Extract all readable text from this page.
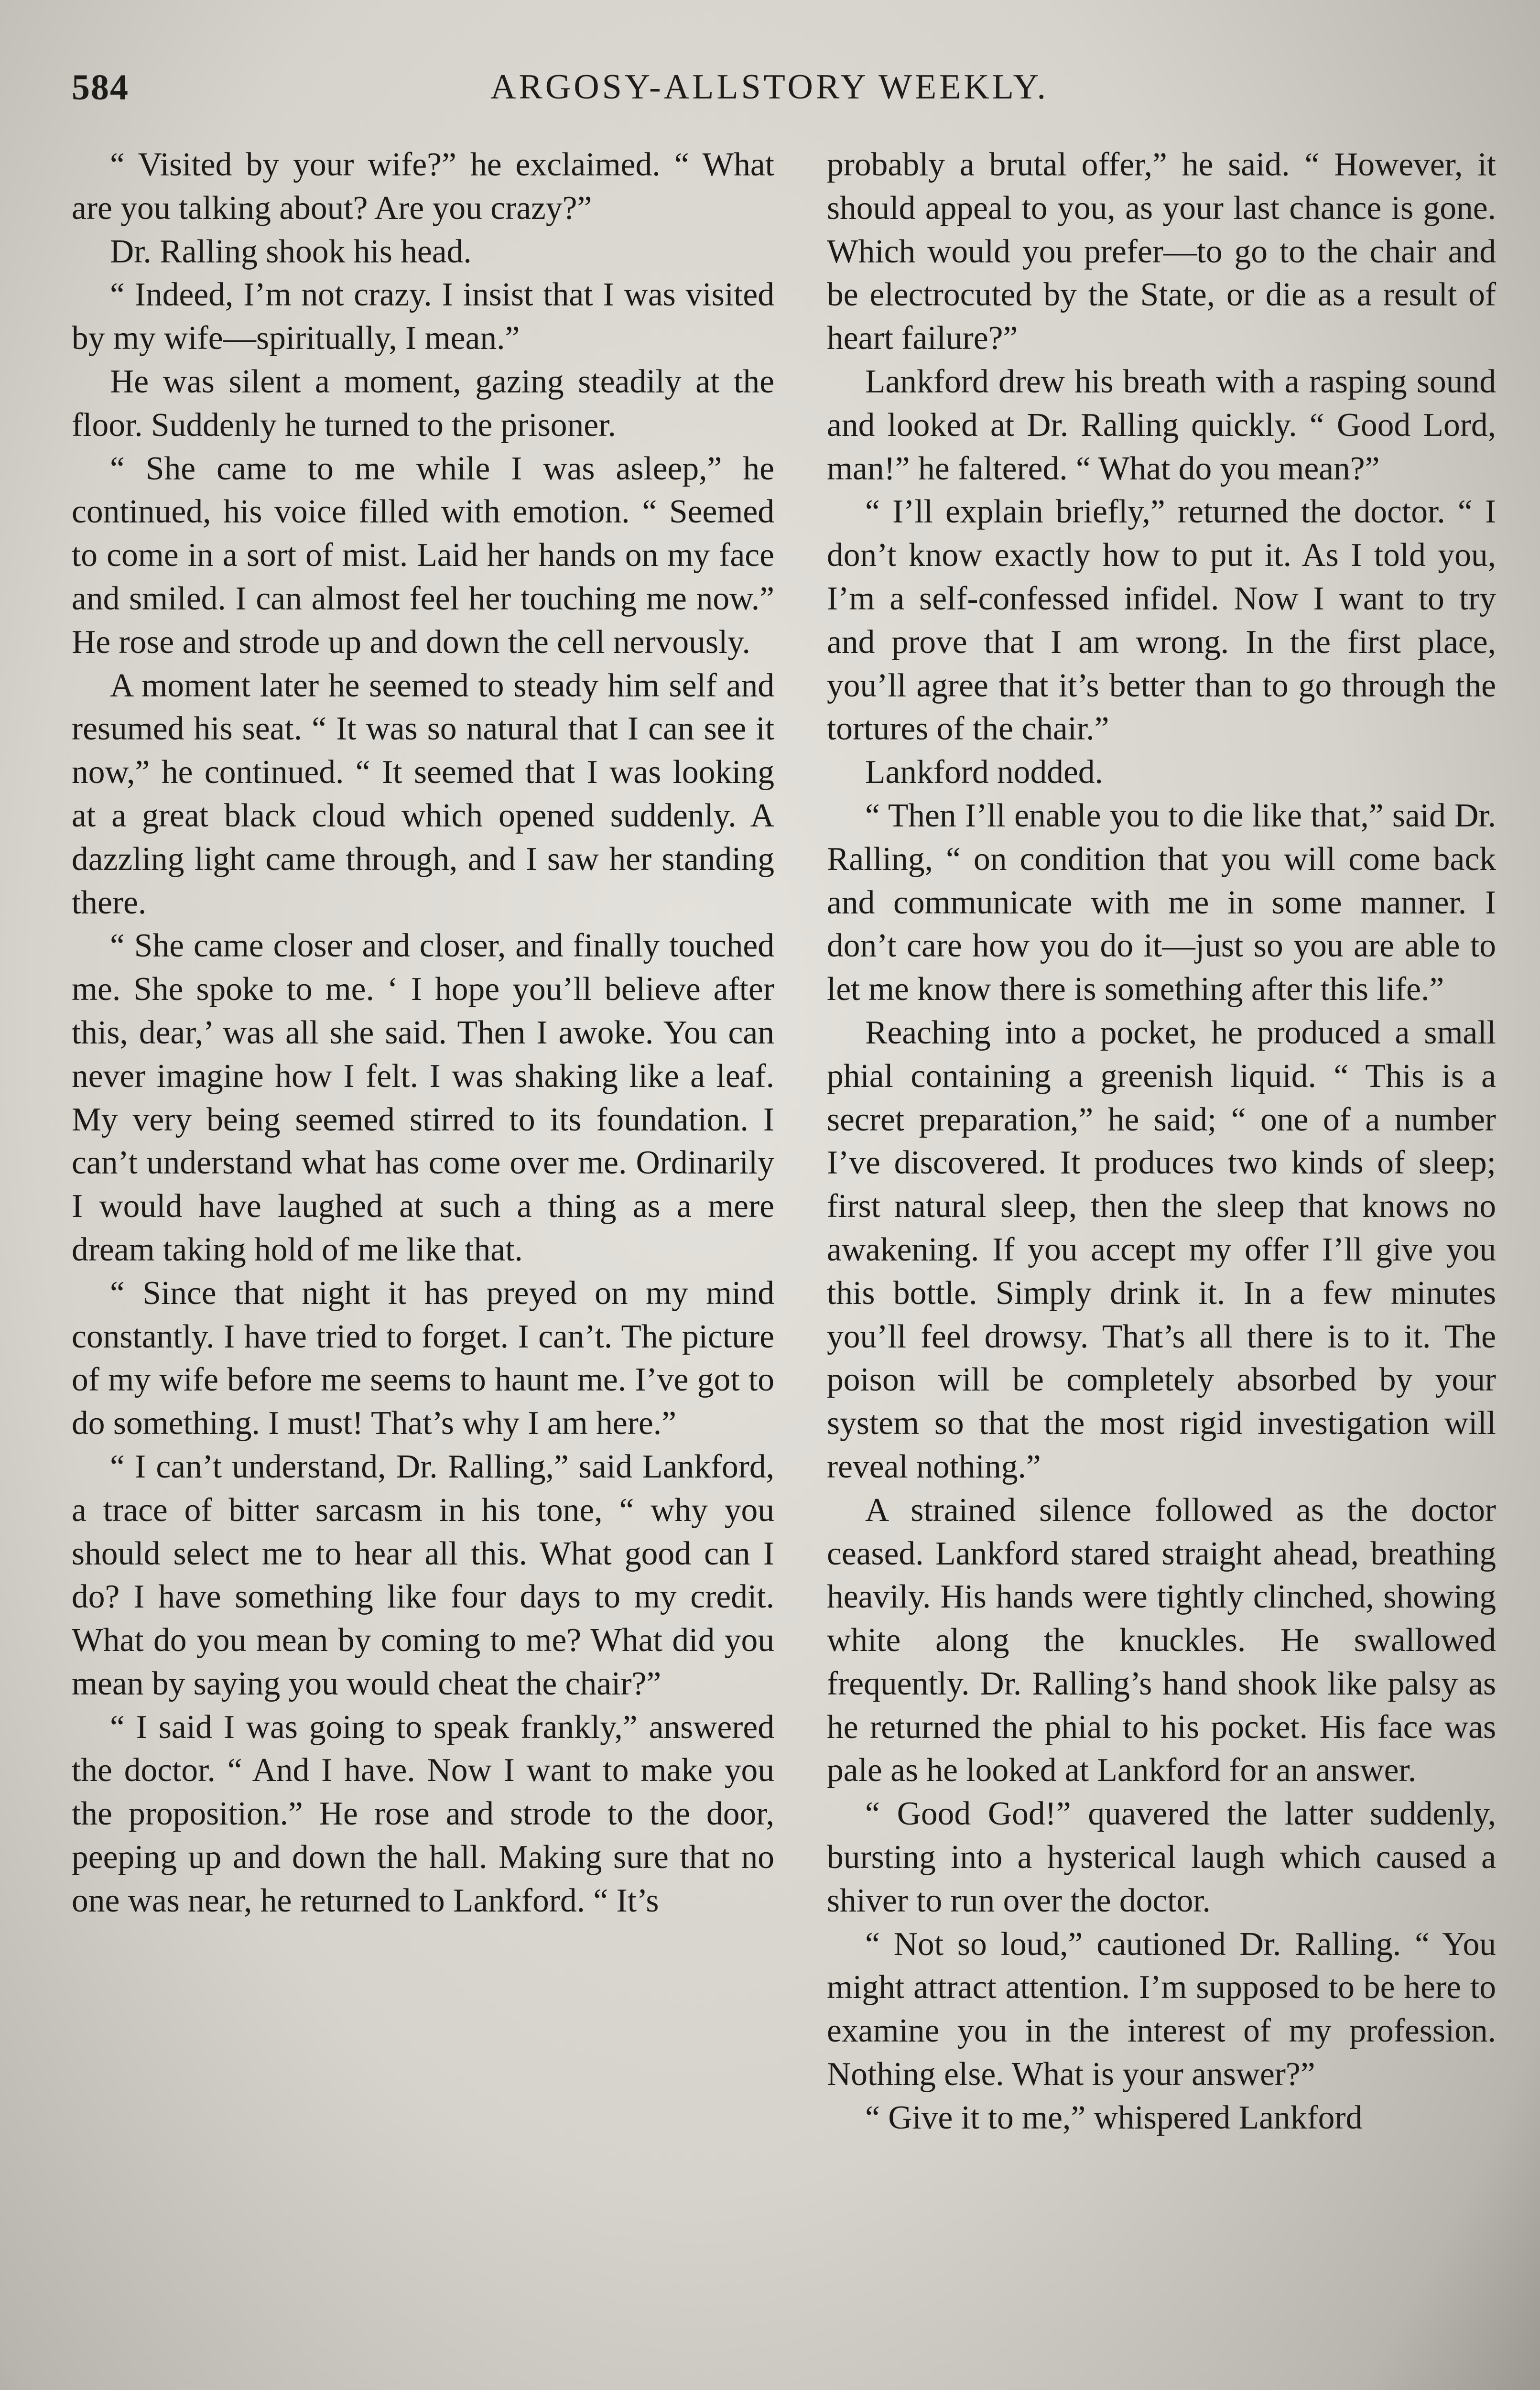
584	ARGOSY-ALLSTORY WEEKLY.

“ Visited by your wife?” he exclaimed. “ What are you talking about? Are you crazy?”

Dr. Ralling shook his head.

“ Indeed, I’m not crazy. I insist that I was visited by my wife—spiritually, I mean.”

He was silent a moment, gazing steadily at the floor. Suddenly he turned to the prisoner.

“ She came to me while I was asleep,” he continued, his voice filled with emotion. “ Seemed to come in a sort of mist. Laid her hands on my face and smiled. I can almost feel her touching me now.” He rose and strode up and down the cell nervously.

A moment later he seemed to steady him self and resumed his seat. “ It was so natural that I can see it now,” he continued. “ It seemed that I was looking at a great black cloud which opened suddenly. A dazzling light came through, and I saw her standing there.

“ She came closer and closer, and finally touched me. She spoke to me. ‘ I hope you’ll believe after this, dear,’ was all she said. Then I awoke. You can never imagine how I felt. I was shaking like a leaf. My very being seemed stirred to its foundation. I can’t understand what has come over me. Ordinarily I would have laughed at such a thing as a mere dream taking hold of me like that.

“ Since that night it has preyed on my mind constantly. I have tried to forget. I can’t. The picture of my wife before me seems to haunt me. I’ve got to do something. I must! That’s why I am here.”

“ I can’t understand, Dr. Ralling,” said Lankford, a trace of bitter sarcasm in his tone, “ why you should select me to hear all this. What good can I do? I have something like four days to my credit. What do you mean by coming to me? What did you mean by saying you would cheat the chair?”

“ I said I was going to speak frankly,” answered the doctor. “ And I have. Now I want to make you the proposition.” He rose and strode to the door, peeping up and down the hall. Making sure that no one was near, he returned to Lankford. “ It’s

probably a brutal offer,” he said. “ However, it should appeal to you, as your last chance is gone. Which would you prefer—to go to the chair and be electrocuted by the State, or die as a result of heart failure?”

Lankford drew his breath with a rasping sound and looked at Dr. Ralling quickly. “ Good Lord, man!” he faltered. “ What do you mean?”

“ I’ll explain briefly,” returned the doctor. “ I don’t know exactly how to put it. As I told you, I’m a self-confessed infidel. Now I want to try and prove that I am wrong. In the first place, you’ll agree that it’s better than to go through the tortures of the chair.”

Lankford nodded.

“ Then I’ll enable you to die like that,” said Dr. Ralling, “ on condition that you will come back and communicate with me in some manner. I don’t care how you do it—just so you are able to let me know there is something after this life.”

Reaching into a pocket, he produced a small phial containing a greenish liquid. “ This is a secret preparation,” he said; “ one of a number I’ve discovered. It produces two kinds of sleep; first natural sleep, then the sleep that knows no awakening. If you accept my offer I’ll give you this bottle. Simply drink it. In a few minutes you’ll feel drowsy. That’s all there is to it. The poison will be completely absorbed by your system so that the most rigid investigation will reveal nothing.”

A strained silence followed as the doctor ceased. Lankford stared straight ahead, breathing heavily. His hands were tightly clinched, showing white along the knuckles. He swallowed frequently. Dr. Ralling’s hand shook like palsy as he returned the phial to his pocket. His face was pale as he looked at Lankford for an answer.

“ Good God!” quavered the latter suddenly, bursting into a hysterical laugh which caused a shiver to run over the doctor.

“ Not so loud,” cautioned Dr. Ralling. “ You might attract attention. I’m supposed to be here to examine you in the interest of my profession. Nothing else. What is your answer?”

“ Give it to me,” whispered Lankford
